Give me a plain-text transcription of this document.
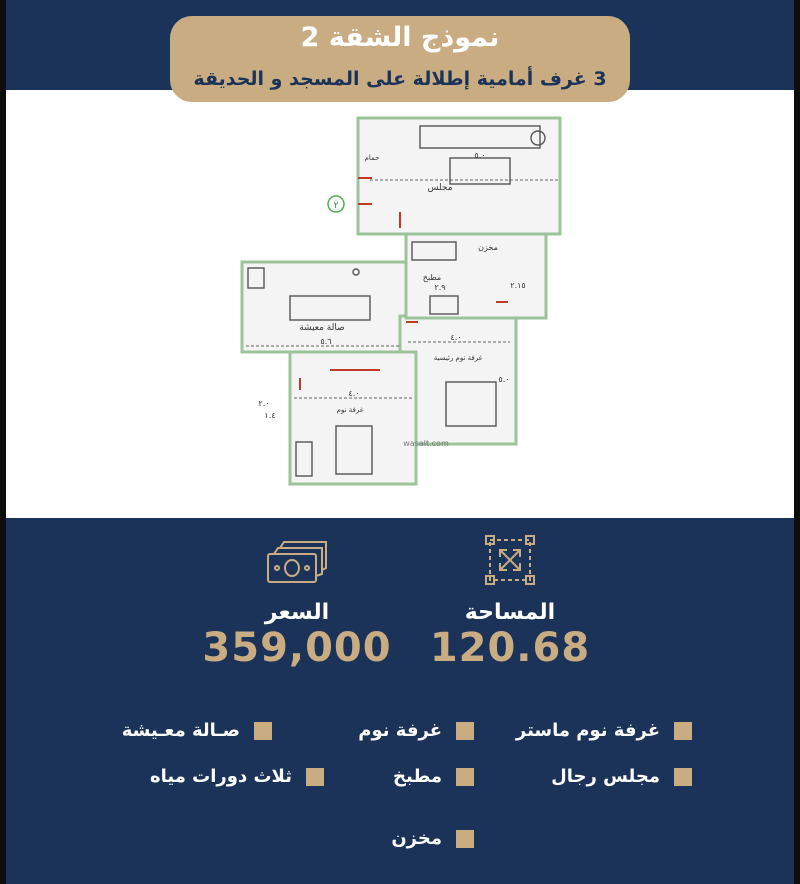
نموذج الشقة 2
3 غرف أمامية إطلالة على المسجد و الحديقة
مجلس
صالة معيشة
مطبخ
مخزن
غرفة نوم رئيسية
غرفة نوم
حمام	٥.٠
٥.٦
٤.٠
٤.٠
٢.٩	٢.١٥
١.٤
٢.٠
٥.٠
wasalt.com
٢
المساحة
120.68
السعر
359,000
غرفة نوم ماستر
غرفة نوم
صـالة معـيشة
مجلس رجال
مطبخ
ثلاث دورات مياه
مخزن
